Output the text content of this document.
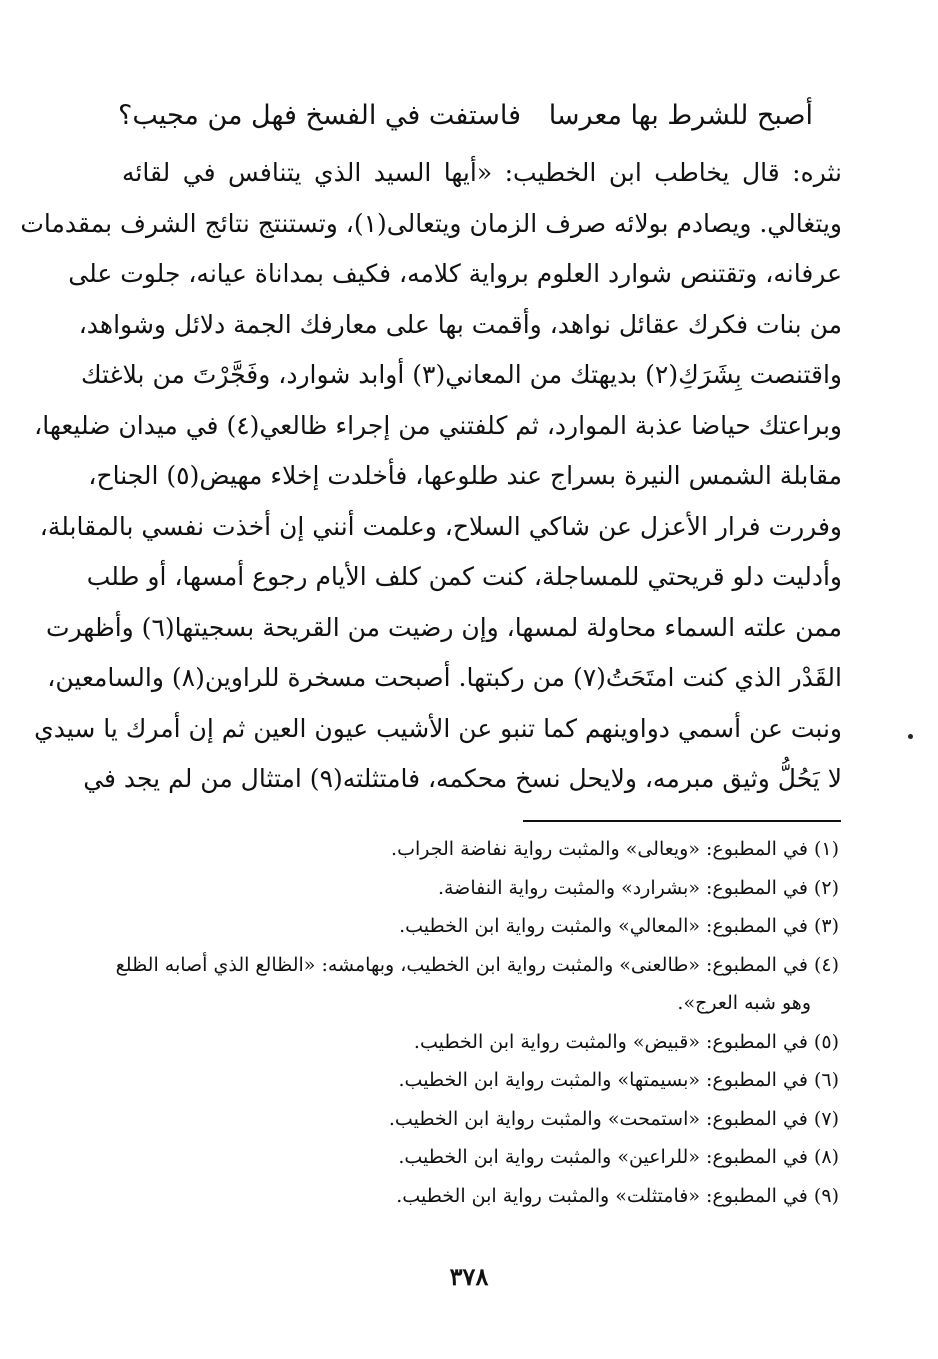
أصبح للشرط بها معرسا
فاستفت في الفسخ فهل من مجيب؟
نثره: قال يخاطب ابن الخطيب: «أيها السيد الذي يتنافس في لقائه
ويتغالي. ويصادم بولائه صرف الزمان ويتعالى(١)، وتستنتج نتائج الشرف بمقدمات
عرفانه، وتقتنص شوارد العلوم برواية كلامه، فكيف بمداناة عيانه، جلوت على
من بنات فكرك عقائل نواهد، وأقمت بها على معارفك الجمة دلائل وشواهد،
واقتنصت بِشَرَكِ(٢) بديهتك من المعاني(٣) أوابد شوارد، وفَجَّرْتَ من بلاغتك
وبراعتك حياضا عذبة الموارد، ثم كلفتني من إجراء ظالعي(٤) في ميدان ضليعها،
مقابلة الشمس النيرة بسراج عند طلوعها، فأخلدت إخلاء مهيض(٥) الجناح،
وفررت فرار الأعزل عن شاكي السلاح، وعلمت أنني إن أخذت نفسي بالمقابلة،
وأدليت دلو قريحتي للمساجلة، كنت كمن كلف الأيام رجوع أمسها، أو طلب
ممن علته السماء محاولة لمسها، وإن رضيت من القريحة بسجيتها(٦) وأظهرت
القَدْر الذي كنت امتَحَتُ(٧) من ركبتها. أصبحت مسخرة للراوين(٨) والسامعين،
ونبت عن أسمي دواوينهم كما تنبو عن الأشيب عيون العين ثم إن أمرك يا سيدي
لا يَحُلُّ وثيق مبرمه، ولايحل نسخ محكمه، فامتثلته(٩) امتثال من لم يجد في
(١) في المطبوع: «ويعالى» والمثبت رواية نفاضة الجراب.
(٢) في المطبوع: «بشرارد» والمثبت رواية النفاضة.
(٣) في المطبوع: «المعالي» والمثبت رواية ابن الخطيب.
(٤) في المطبوع: «طالعنى» والمثبت رواية ابن الخطيب، وبهامشه: «الظالع الذي أصابه الظلع
وهو شبه العرج».
(٥) في المطبوع: «قبيض» والمثبت رواية ابن الخطيب.
(٦) في المطبوع: «بسيمتها» والمثبت رواية ابن الخطيب.
(٧) في المطبوع: «استمحت» والمثبت رواية ابن الخطيب.
(٨) في المطبوع: «للراعين» والمثبت رواية ابن الخطيب.
(٩) في المطبوع: «فامتثلت» والمثبت رواية ابن الخطيب.
٣٧٨
